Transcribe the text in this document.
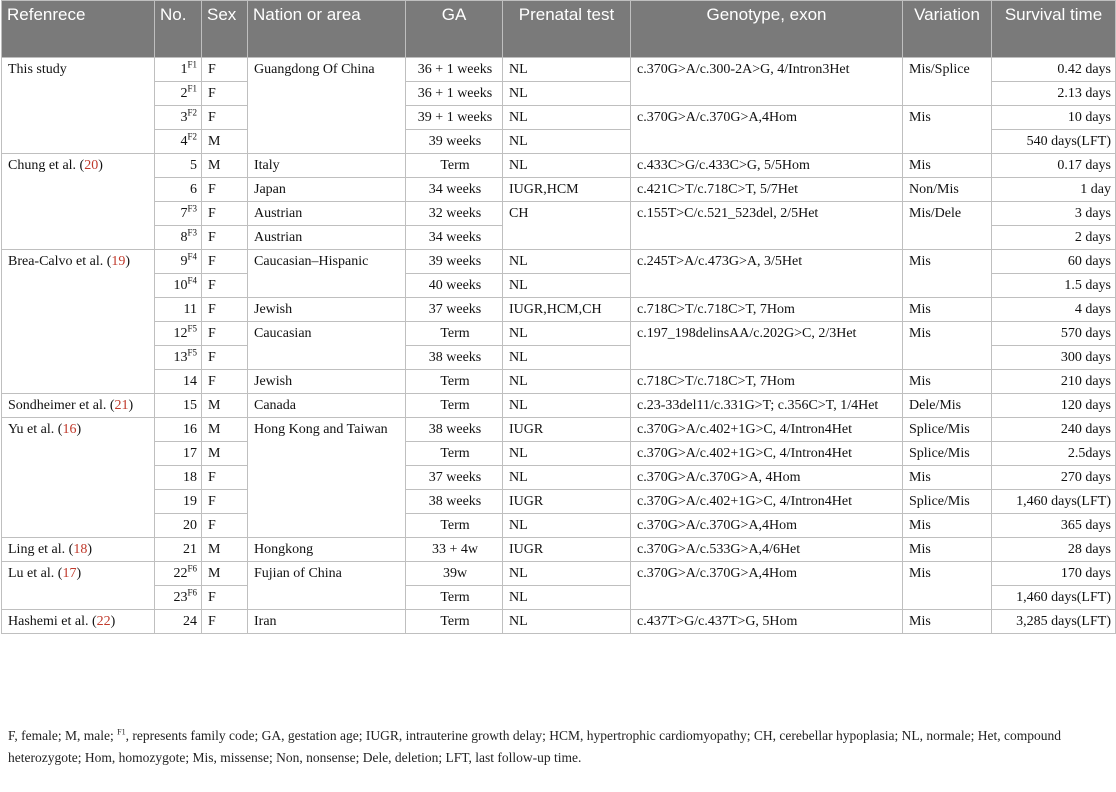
Refenrece	No.	Sex	Nation or area	GA	Prenatal test	Genotype, exon	Variation	Survival time
This study	$1^{F1}$	F	Guangdong Of China	36 + 1 weeks	NL	c.370G>A/c.300-2A>G, 4/Intron3Het	Mis/Splice	0.42 days
	$2^{F1}$	F		36 + 1 weeks	NL			2.13 days
	$3^{F2}$	F		39 + 1 weeks	NL	c.370G>A/c.370G>A,4Hom	Mis	10 days
	$4^{F2}$	M		39 weeks	NL			540 days(LFT)
Chung et al. (20)	5	M	Italy	Term	NL	c.433C>G/c.433C>G, 5/5Hom	Mis	0.17 days
	6	F	Japan	34 weeks	IUGR,HCM	c.421C>T/c.718C>T, 5/7Het	Non/Mis	1 day
	$7^{F3}$	F	Austrian	32 weeks	CH	c.155T>C/c.521_523del, 2/5Het	Mis/Dele	3 days
	$8^{F3}$	F	Austrian	34 weeks				2 days
Brea-Calvo et al. (19)	$9^{F4}$	F	Caucasian–Hispanic	39 weeks	NL	c.245T>A/c.473G>A, 3/5Het	Mis	60 days
	$10^{F4}$	F		40 weeks	NL			1.5 days
	11	F	Jewish	37 weeks	IUGR,HCM,CH	c.718C>T/c.718C>T, 7Hom	Mis	4 days
	$12^{F5}$	F	Caucasian	Term	NL	c.197_198delinsAA/c.202G>C, 2/3Het	Mis	570 days
	$13^{F5}$	F		38 weeks	NL			300 days
	14	F	Jewish	Term	NL	c.718C>T/c.718C>T, 7Hom	Mis	210 days
Sondheimer et al. (21)	15	M	Canada	Term	NL	c.23-33del11/c.331G>T; c.356C>T, 1/4Het	Dele/Mis	120 days
Yu et al. (16)	16	M	Hong Kong and Taiwan	38 weeks	IUGR	c.370G>A/c.402+1G>C, 4/Intron4Het	Splice/Mis	240 days
	17	M		Term	NL	c.370G>A/c.402+1G>C, 4/Intron4Het	Splice/Mis	2.5days
	18	F		37 weeks	NL	c.370G>A/c.370G>A, 4Hom	Mis	270 days
	19	F		38 weeks	IUGR	c.370G>A/c.402+1G>C, 4/Intron4Het	Splice/Mis	1,460 days(LFT)
	20	F		Term	NL	c.370G>A/c.370G>A,4Hom	Mis	365 days
Ling et al. (18)	21	M	Hongkong	33 + 4w	IUGR	c.370G>A/c.533G>A,4/6Het	Mis	28 days
Lu et al. (17)	$22^{F6}$	M	Fujian of China	39w	NL	c.370G>A/c.370G>A,4Hom	Mis	170 days
	$23^{F6}$	F		Term	NL			1,460 days(LFT)
Hashemi et al. (22)	24	F	Iran	Term	NL	c.437T>G/c.437T>G, 5Hom	Mis	3,285 days(LFT)
F, female; M, male; $^{F1}$, represents family code; GA, gestation age; IUGR, intrauterine growth delay; HCM, hypertrophic cardiomyopathy; CH, cerebellar hypoplasia; NL, normale; Het, compound heterozygote; Hom, homozygote; Mis, missense; Non, nonsense; Dele, deletion; LFT, last follow-up time.
